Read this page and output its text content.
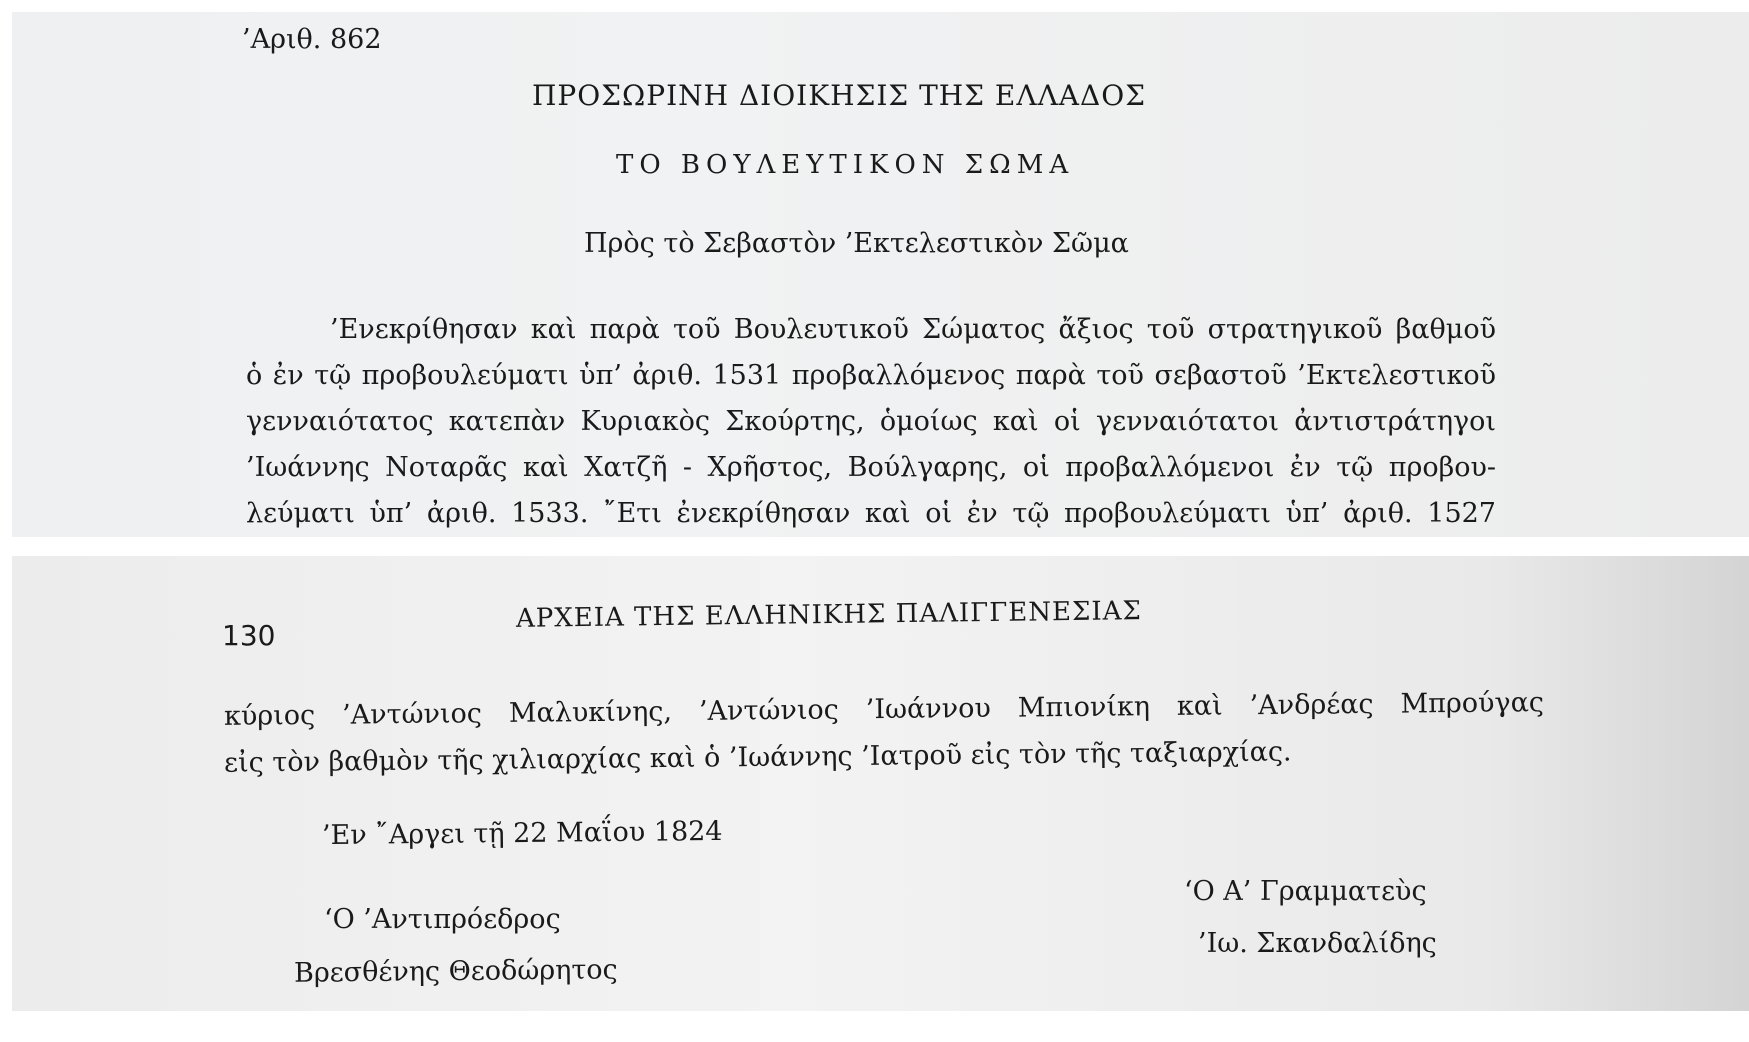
’Αριθ. 862
ΠΡΟΣΩΡΙΝΗ ΔΙΟΙΚΗΣΙΣ ΤΗΣ ΕΛΛΑΔΟΣ
ΤΟ ΒΟΥΛΕΥΤΙΚΟΝ ΣΩΜΑ
Πρὸς τὸ Σεβαστὸν ’Εκτελεστικὸν Σῶμα
’Ενεκρίθησαν καὶ παρὰ τοῦ Βουλευτικοῦ Σώματος ἄξιος τοῦ στρατηγικοῦ βαθμοῦ
ὁ ἐν τῷ προβουλεύματι ὑπ’ ἀριθ. 1531 προβαλλόμενος παρὰ τοῦ σεβαστοῦ ’Εκτελεστικοῦ
γενναιότατος κατεπὰν Κυριακὸς Σκούρτης, ὁμοίως καὶ οἱ γενναιότατοι ἀντιστράτηγοι
’Ιωάννης Νοταρᾶς καὶ Χατζῆ - Χρῆστος, Βούλγαρης, οἱ προβαλλόμενοι ἐν τῷ προβου-
λεύματι ὑπ’ ἀριθ. 1533. ῎Ετι ἐνεκρίθησαν καὶ οἱ ἐν τῷ προβουλεύματι ὑπ’ ἀριθ. 1527
130
ΑΡΧΕΙΑ ΤΗΣ ΕΛΛΗΝΙΚΗΣ ΠΑΛΙΓΓΕΝΕΣΙΑΣ
κύριος ’Αντώνιος Μαλυκίνης, ’Αντώνιος ’Ιωάννου Μπιονίκη καὶ ’Ανδρέας Μπρούγας
εἰς τὸν βαθμὸν τῆς χιλιαρχίας καὶ ὁ ’Ιωάννης ’Ιατροῦ εἰς τὸν τῆς ταξιαρχίας.
’Εν ῎Αργει τῇ 22 Μαΐου 1824
‘Ο ’Αντιπρόεδρος
Βρεσθένης Θεοδώρητος
‘Ο Α’ Γραμματεὺς
’Ιω. Σκανδαλίδης
